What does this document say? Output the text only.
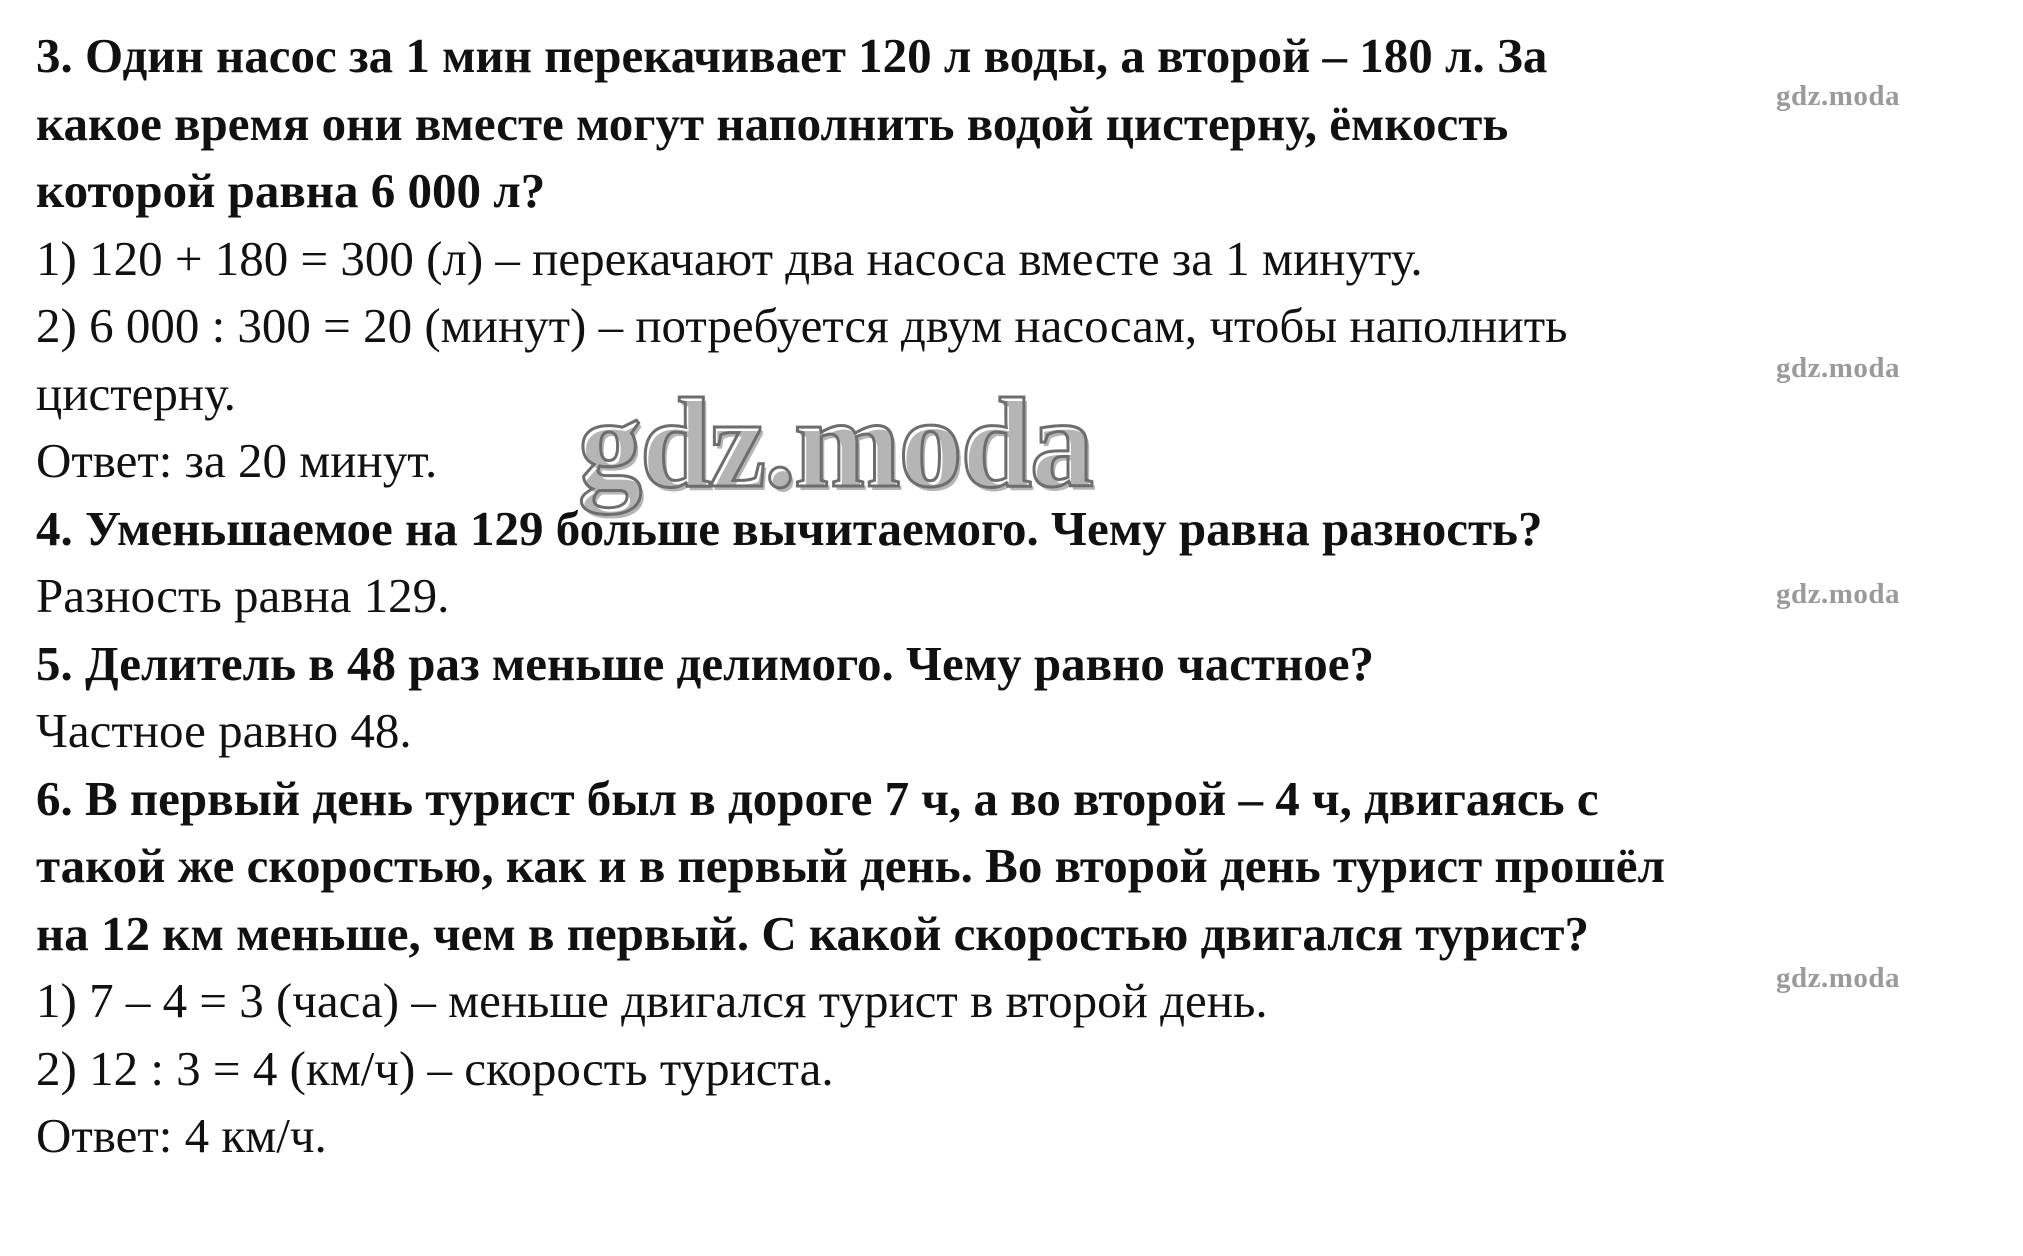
3. Один насос за 1 мин перекачивает 120 л воды, а второй – 180 л. За
какое время они вместе могут наполнить водой цистерну, ёмкость
которой равна 6 000 л?
1) 120 + 180 = 300 (л) – перекачают два насоса вместе за 1 минуту.
2) 6 000 : 300 = 20 (минут) – потребуется двум насосам, чтобы наполнить
цистерну.
Ответ: за 20 минут.
4. Уменьшаемое на 129 больше вычитаемого. Чему равна разность?
Разность равна 129.
5. Делитель в 48 раз меньше делимого. Чему равно частное?
Частное равно 48.
6. В первый день турист был в дороге 7 ч, а во второй – 4 ч, двигаясь с
такой же скоростью, как и в первый день. Во второй день турист прошёл
на 12 км меньше, чем в первый. С какой скоростью двигался турист?
1) 7 – 4 = 3 (часа) – меньше двигался турист в второй день.
2) 12 : 3 = 4 (км/ч) – скорость туриста.
Ответ: 4 км/ч.
gdz.moda
gdz.moda
gdz.moda
gdz.moda
gdz.moda
